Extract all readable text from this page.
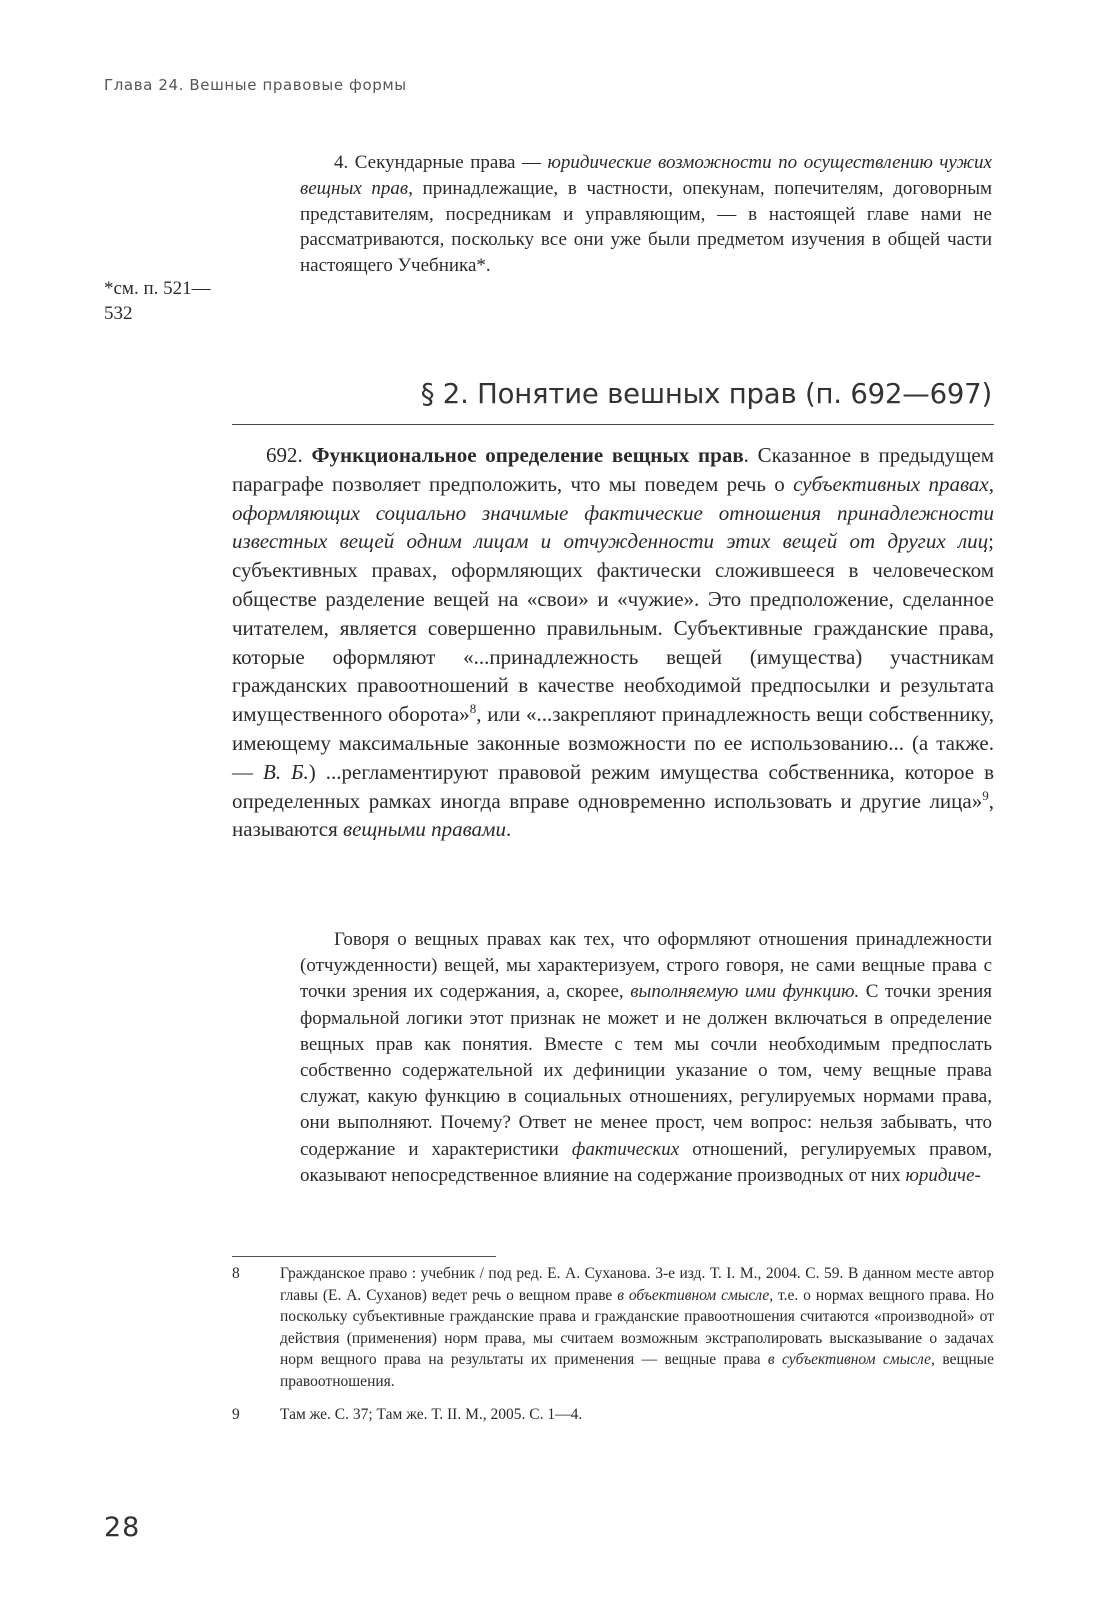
Глава 24. Вешные правовые формы

4. Секундарные права — юридические возможности по осуществлению чужих вещных прав, принадлежащие, в частности, опекунам, попечителям, договорным представителям, посредникам и управляющим, — в настоящей главе нами не рассматриваются, поскольку все они уже были предметом изучения в общей части настоящего Учебника*.

*см. п. 521—532
§ 2. Понятие вешных прав (п. 692—697)

692. Функциональное определение вещных прав. Сказанное в предыдущем параграфе позволяет предположить, что мы поведем речь о субъективных правах, оформляющих социально значимые фактические отношения принадлежности известных вещей одним лицам и отчужденности этих вещей от других лиц; субъективных правах, оформляющих фактически сложившееся в человеческом обществе разделение вещей на «свои» и «чужие». Это предположение, сделанное читателем, является совершенно правильным. Субъективные гражданские права, которые оформляют «...принадлежность вещей (имущества) участникам гражданских правоотношений в качестве необходимой предпосылки и результата имущественного оборота»$^8$, или «...закрепляют принадлежность вещи собственнику, имеющему максимальные законные возможности по ее использованию... (а также. — В. Б.) ...регламентируют правовой режим имущества собственника, которое в определенных рамках иногда вправе одновременно использовать и другие лица»$^9$, называются вещными правами.

Говоря о вещных правах как тех, что оформляют отношения принадлежности (отчужденности) вещей, мы характеризуем, строго говоря, не сами вещные права с точки зрения их содержания, а, скорее, выполняемую ими функцию. С точки зрения формальной логики этот признак не может и не должен включаться в определение вещных прав как понятия. Вместе с тем мы сочли необходимым предпослать собственно содержательной их дефиниции указание о том, чему вещные права служат, какую функцию в социальных отношениях, регулируемых нормами права, они выполняют. Почему? Ответ не менее прост, чем вопрос: нельзя забывать, что содержание и характеристики фактических отношений, регулируемых правом, оказывают непосредственное влияние на содержание производных от них юридиче-

8	Гражданское право : учебник / под ред. Е. А. Суханова. 3-е изд. Т. I. М., 2004. С. 59. В данном месте автор главы (Е. А. Суханов) ведет речь о вещном праве в объективном смысле, т.е. о нормах вещного права. Но поскольку субъективные гражданские права и гражданские правоотношения считаются «производной» от действия (применения) норм права, мы считаем возможным экстраполировать высказывание о задачах норм вещного права на результаты их применения — вещные права в субъективном смысле, вещные правоотношения.
9	Там же. С. 37; Там же. Т. II. М., 2005. С. 1—4.
28
